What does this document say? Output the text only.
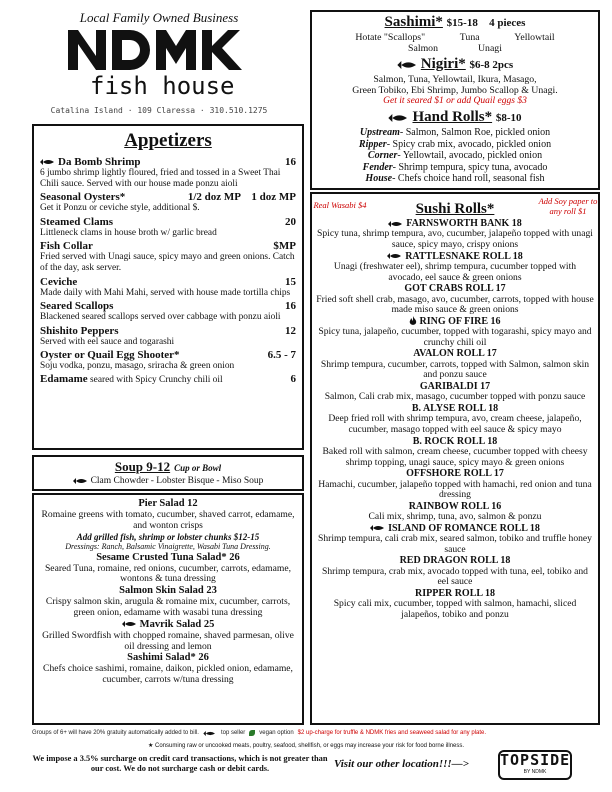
Local Family Owned Business
fish house
Catalina Island · 109 Claressa · 310.510.1275
Appetizers
Da Bomb Shrimp	16
6 jumbo shrimp lightly floured, fried and tossed in a Sweet Thai Chili sauce. Served with our house made ponzu aioli
Seasonal Oysters*	1/2 doz MP    1 doz MP
Get it Ponzu or ceviche style, additional $.
Steamed Clams	20
Littleneck clams in house broth w/ garlic bread
Fish Collar	$MP
Fried served with Unagi sauce, spicy mayo and green onions. Catch of the day, ask server.
Ceviche	15
Made daily with Mahi Mahi, served with house made tortilla chips
Seared Scallops	16
Blackened seared scallops served over cabbage with ponzu aioli
Shishito Peppers	12
Served with eel sauce and togarashi
Oyster or Quail Egg Shooter*	6.5 - 7
Soju vodka, ponzu, masago, sriracha & green onion
Edamame seared with Spicy Crunchy chili oil	6
Soup 9-12 Cup or Bowl
Clam Chowder - Lobster Bisque - Miso Soup
Pier Salad 12
Romaine greens with tomato, cucumber, shaved carrot, edamame, and wonton crisps
Add grilled fish, shrimp or lobster chunks $12-15
Dressings: Ranch, Balsamic Vinaigrette, Wasabi Tuna Dressing.
Sesame Crusted Tuna Salad* 26
Seared Tuna, romaine, red onions, cucumber, carrots, edamame, wontons & tuna dressing
Salmon Skin Salad 23
Crispy salmon skin, arugula & romaine mix, cucumber, carrots, green onion, edamame with wasabi tuna dressing
Mavrik Salad 25
Grilled Swordfish with chopped romaine, shaved parmesan, olive oil dressing and lemon
Sashimi Salad* 26
Chefs choice sashimi, romaine, daikon, pickled onion, edamame, cucumber, carrots w/tuna dressing
Sashimi* $15-18 4 pieces
Hotate "Scallops"	Tuna	Yellowtail
Salmon	Unagi
Nigiri* $6-8 2pcs
Salmon, Tuna, Yellowtail, Ikura, Masago,
Green Tobiko, Ebi Shrimp, Jumbo Scallop & Unagi.
Get it seared $1 or add Quail eggs $3
Hand Rolls* $8-10
Upstream- Salmon, Salmon Roe, pickled onion
Ripper- Spicy crab mix, avocado, pickled onion
Corner- Yellowtail, avocado, pickled onion
Fender- Shrimp tempura, spicy tuna, avocado
House- Chefs choice hand roll, seasonal fish
Sushi Rolls*
FARNSWORTH BANK 18
Spicy tuna, shrimp tempura, avo, cucumber, jalapeño topped with unagi sauce, spicy mayo, crispy onions
RATTLESNAKE ROLL 18
Unagi (freshwater eel), shrimp tempura, cucumber topped with avocado, eel sauce & green onions
GOT CRABS ROLL 17
Fried soft shell crab, masago, avo, cucumber, carrots, topped with house made miso sauce & green onions
RING OF FIRE 16
Spicy tuna, jalapeño, cucumber, topped with togarashi, spicy mayo and crunchy chili oil
AVALON ROLL 17
Shrimp tempura, cucumber, carrots, topped with Salmon, salmon skin and ponzu sauce
GARIBALDI 17
Salmon, Cali crab mix, masago, cucumber topped with ponzu sauce
B. ALYSE ROLL 18
Deep fried roll with shrimp tempura, avo, cream cheese, jalapeño, cucumber, masago topped with eel sauce & spicy mayo
B. ROCK ROLL 18
Baked roll with salmon, cream cheese, cucumber topped with cheesy shrimp topping, unagi sauce, spicy mayo & green onions
OFFSHORE ROLL 17
Hamachi, cucumber, jalapeño topped with hamachi, red onion and tuna dressing
RAINBOW ROLL 16
Cali mix, shrimp, tuna, avo, salmon & ponzu
ISLAND OF ROMANCE ROLL 18
Shrimp tempura, cali crab mix, seared salmon, tobiko and truffle honey sauce
RED DRAGON ROLL 18
Shrimp tempura, crab mix, avocado topped with tuna, eel, tobiko and eel sauce
RIPPER ROLL 18
Spicy cali mix, cucumber, topped with salmon, hamachi, sliced jalapeños, tobiko and ponzu
Real Wasabi $4	Add Soy paper to any roll $1
Groups of 6+ will have 20% gratuity automatically added to bill.	top seller vegan option $2 up-charge for truffle & NDMK fries and seaweed salad for any plate.
★ Consuming raw or uncooked meats, poultry, seafood, shellfish, or eggs may increase your risk for food borne illness.
We impose a 3.5% surcharge on credit card transactions, which is not greater than our cost. We do not surcharge cash or debit cards.	Visit our other location!!!—> TOPSIDE
BY NDMK
